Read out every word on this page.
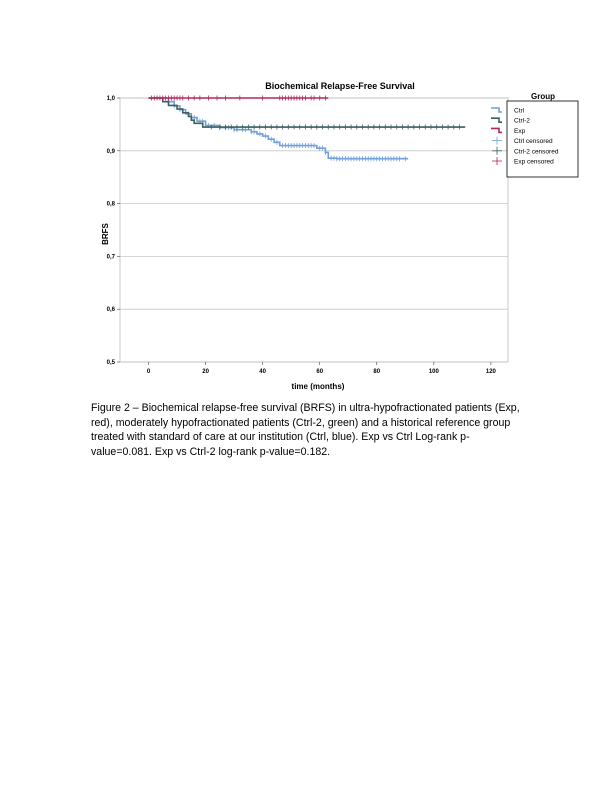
Biochemical Relapse-Free Survival
0,5
0,6
0,7
0,8
0,9
1,0
0	20	40	60	80	100	120
time (months)
BRFS
Group
Ctrl
Ctrl-2
Exp
Ctrl censored
Ctrl-2 censored
Exp censored

Figure 2 – Biochemical relapse-free survival (BRFS) in ultra-hypofractionated patients (Exp, red), moderately hypofractionated patients (Ctrl-2, green) and a historical reference group treated with standard of care at our institution (Ctrl, blue). Exp vs Ctrl Log-rank p-value=0.081. Exp vs Ctrl-2 log-rank p-value=0.182.
